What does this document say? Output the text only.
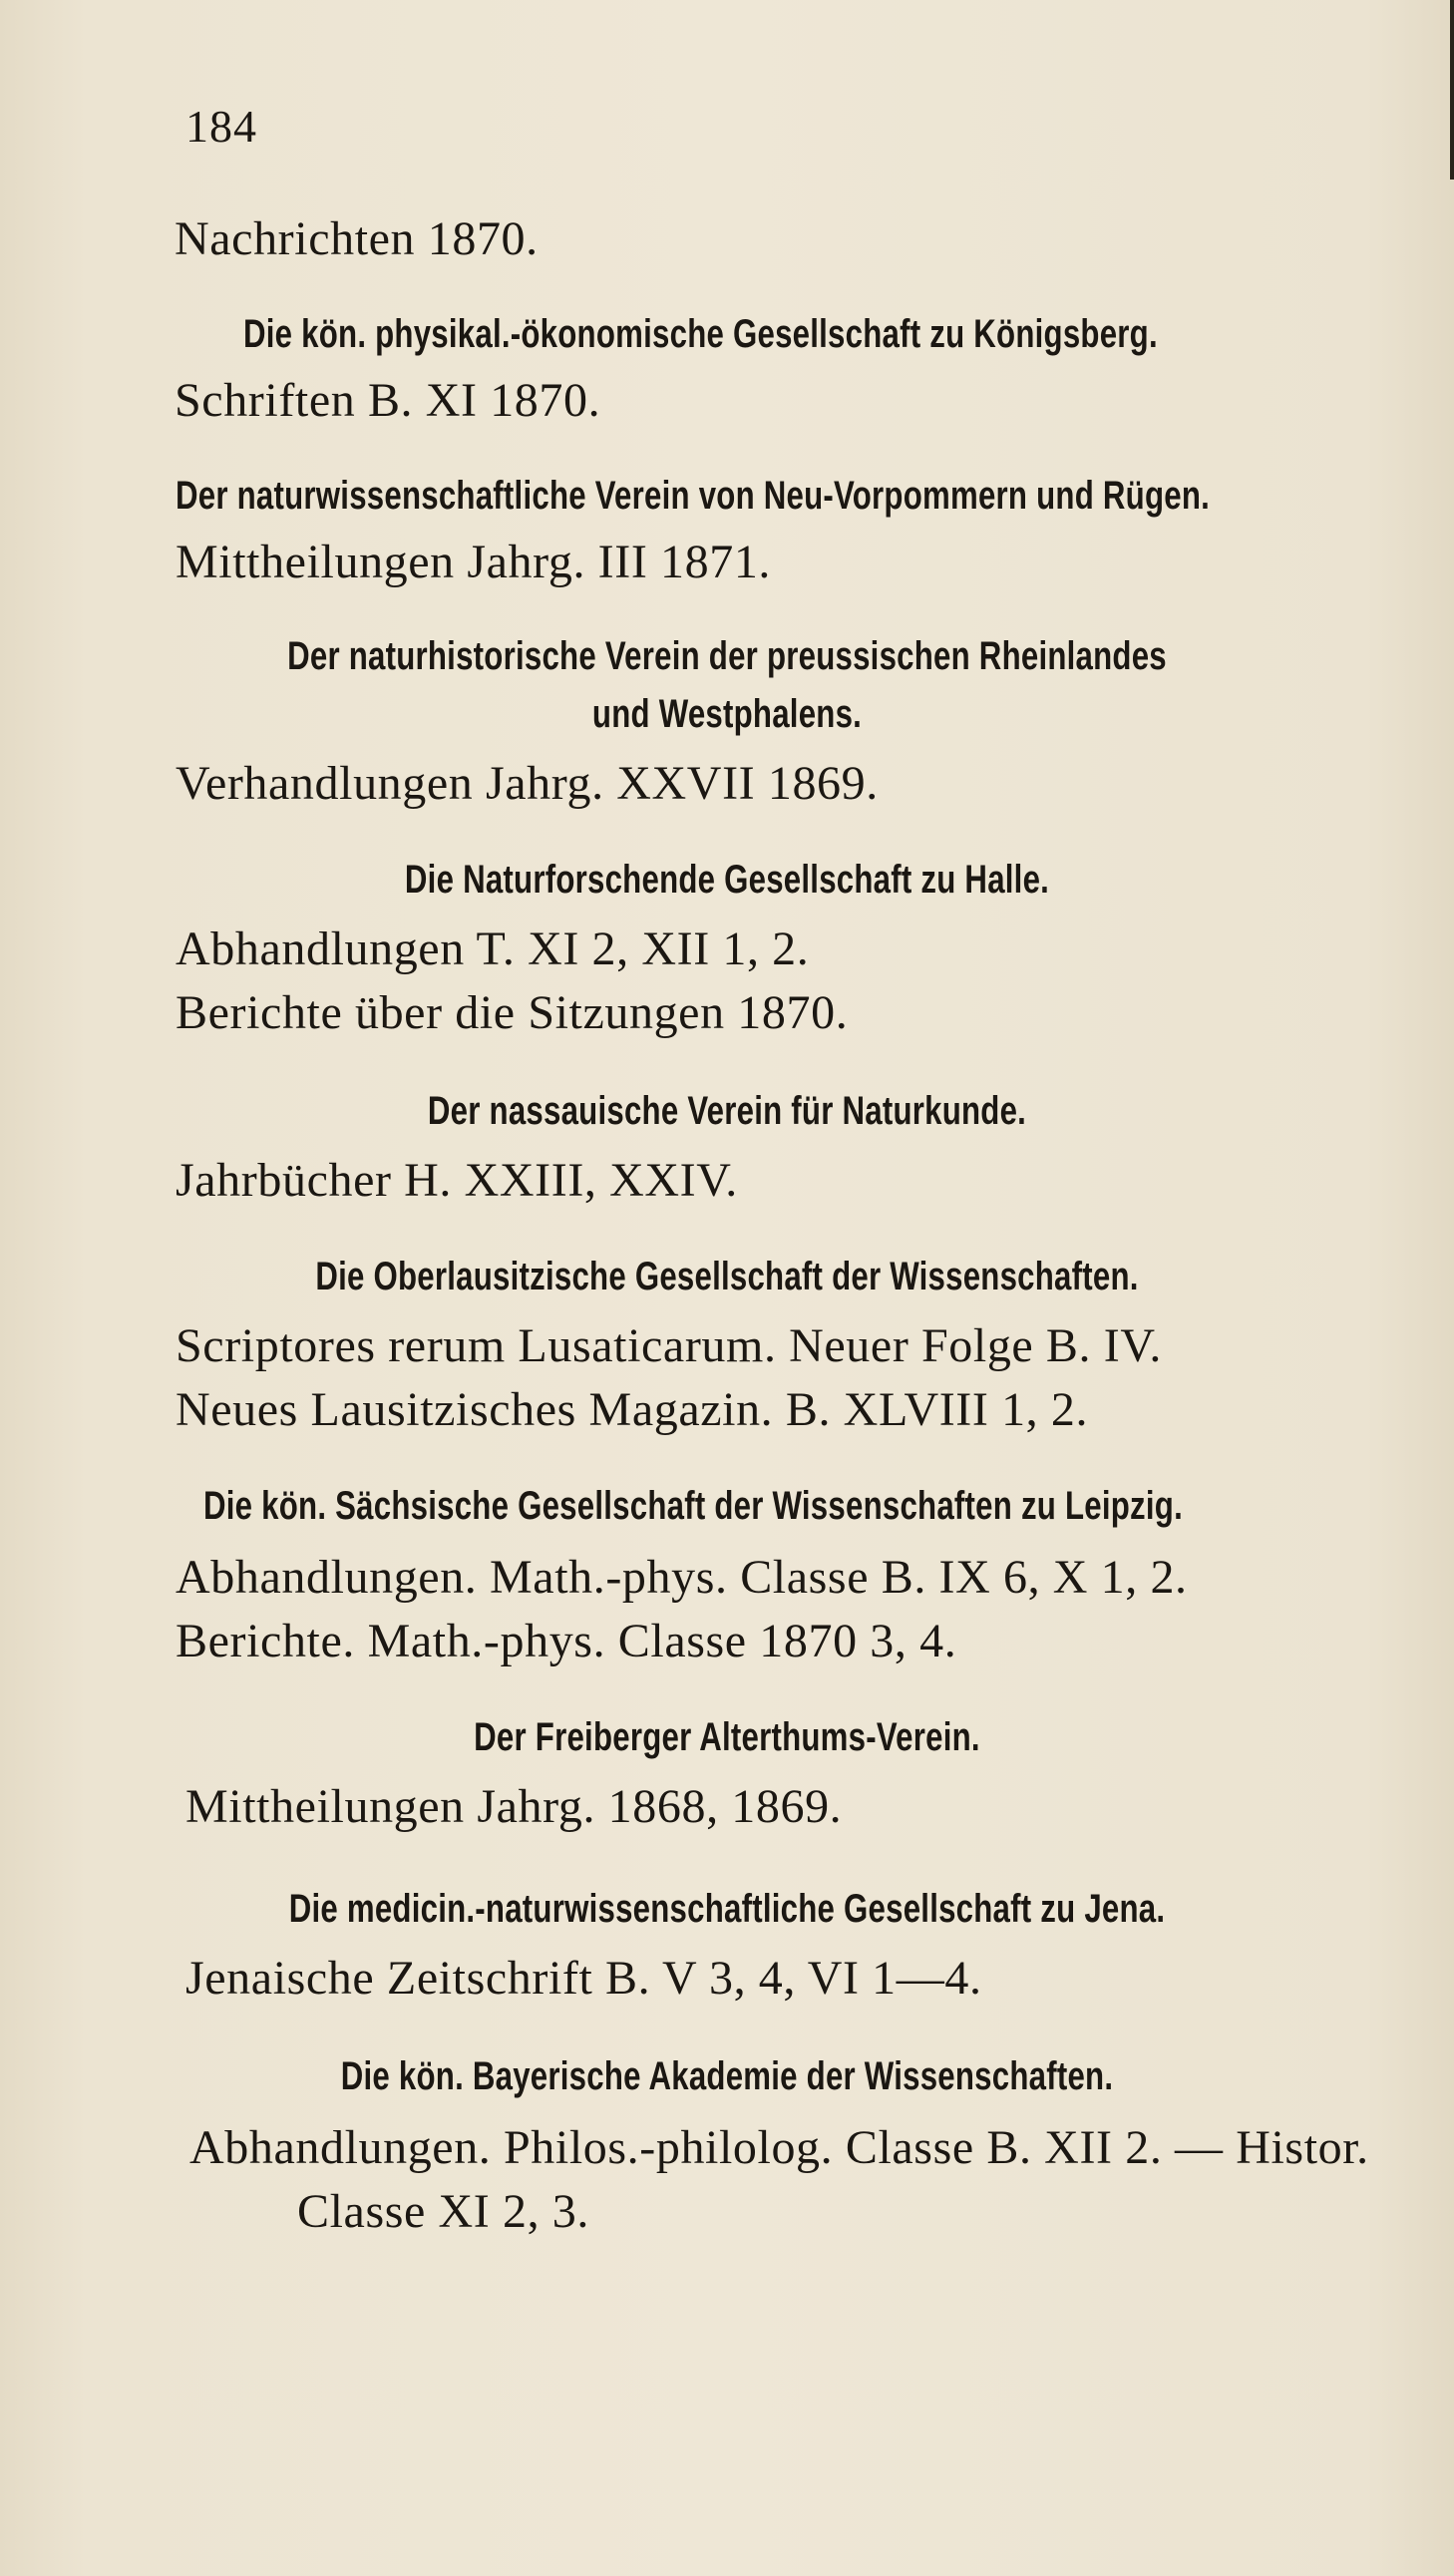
184
Nachrichten 1870.
Die kön. physikal.-ökonomische Gesellschaft zu Königsberg.
Schriften B. XI 1870.
Der naturwissenschaftliche Verein von Neu-Vorpommern und Rügen.
Mittheilungen Jahrg. III 1871.
Der naturhistorische Verein der preussischen Rheinlandes
und Westphalens.
Verhandlungen Jahrg. XXVII 1869.
Die Naturforschende Gesellschaft zu Halle.
Abhandlungen T. XI 2, XII 1, 2.
Berichte über die Sitzungen 1870.
Der nassauische Verein für Naturkunde.
Jahrbücher H. XXIII, XXIV.
Die Oberlausitzische Gesellschaft der Wissenschaften.
Scriptores rerum Lusaticarum. Neuer Folge B. IV.
Neues Lausitzisches Magazin. B. XLVIII 1, 2.
Die kön. Sächsische Gesellschaft der Wissenschaften zu Leipzig.
Abhandlungen. Math.-phys. Classe B. IX 6, X 1, 2.
Berichte. Math.-phys. Classe 1870 3, 4.
Der Freiberger Alterthums-Verein.
Mittheilungen Jahrg. 1868, 1869.
Die medicin.-naturwissenschaftliche Gesellschaft zu Jena.
Jenaische Zeitschrift B. V 3, 4, VI 1—4.
Die kön. Bayerische Akademie der Wissenschaften.
Abhandlungen. Philos.-philolog. Classe B. XII 2. — Histor.
Classe XI 2, 3.
